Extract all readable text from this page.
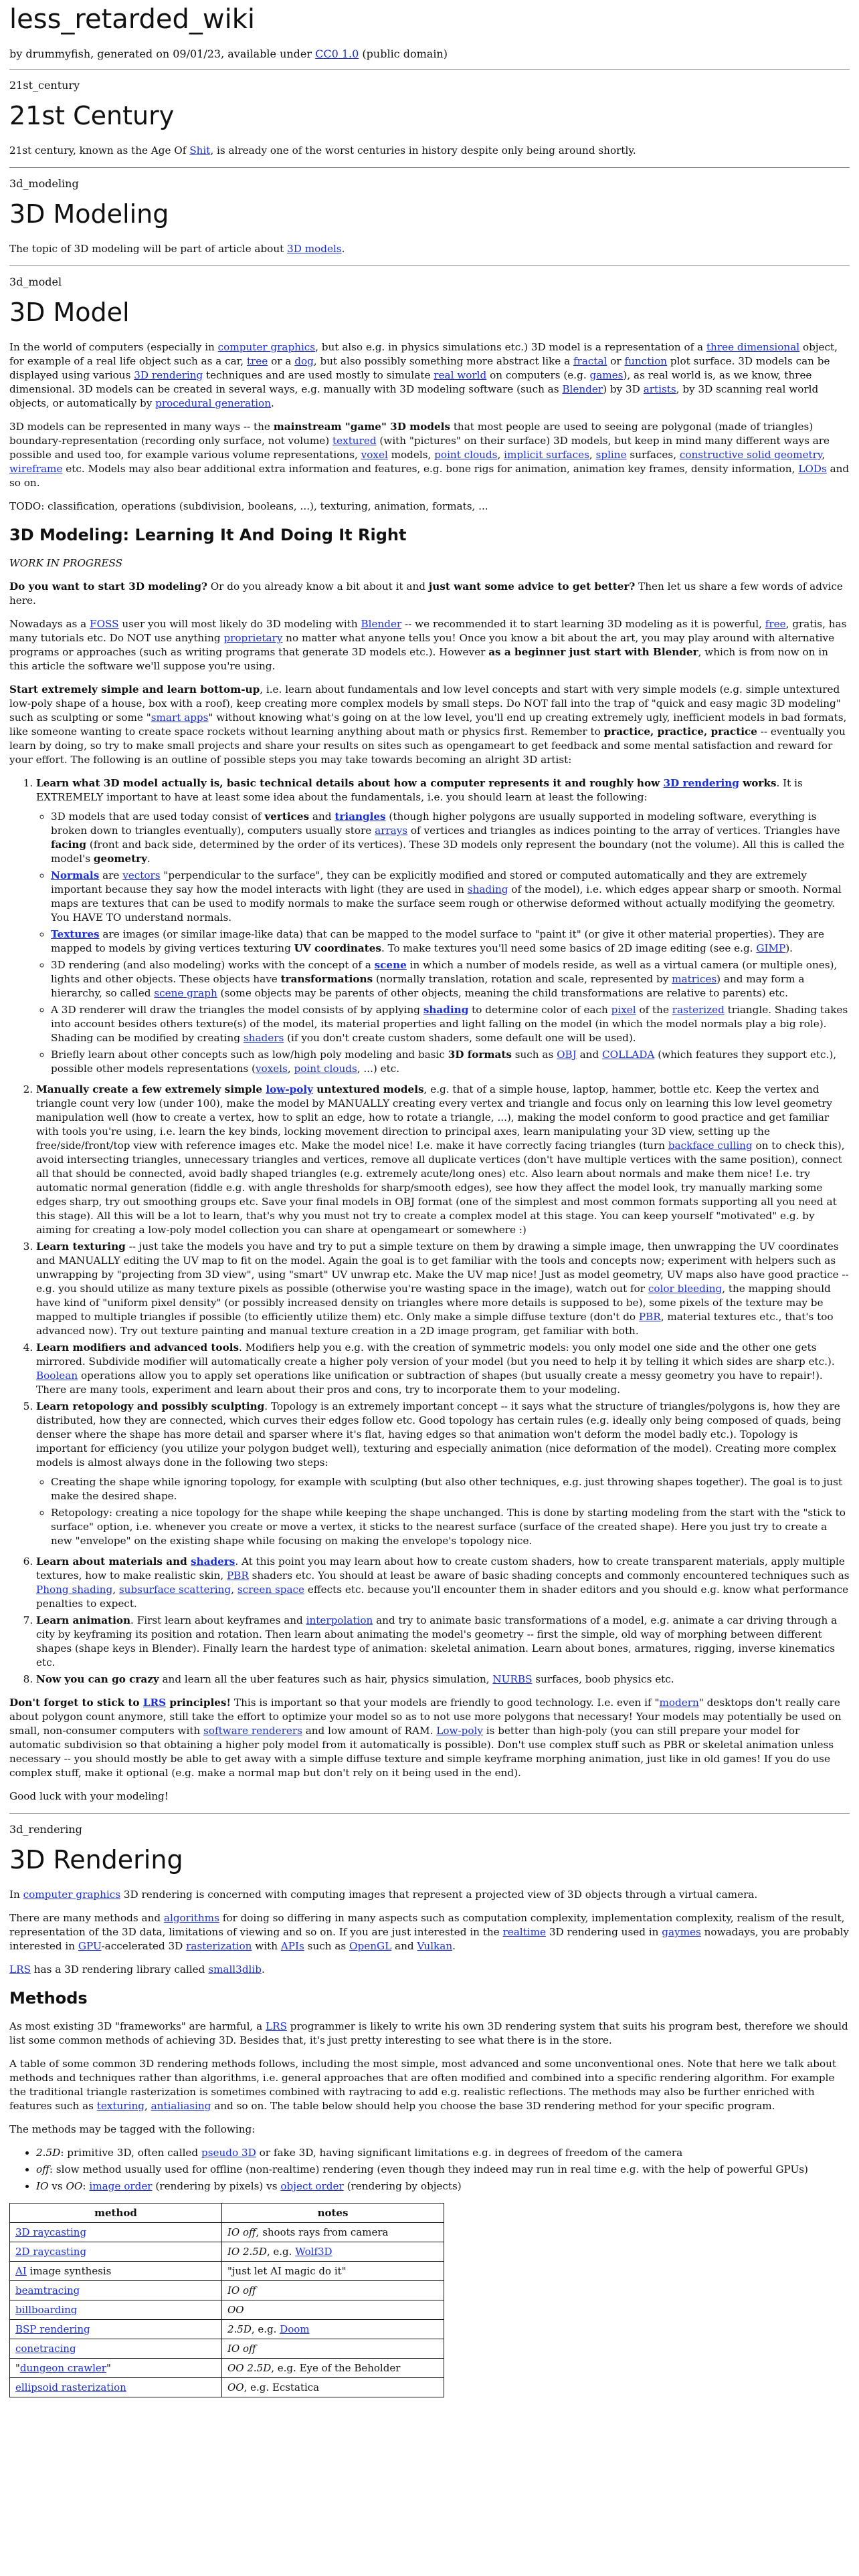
less_retarded_wiki

by drummyfish, generated on 09/01/23, available under CC0 1.0 (public domain)

21st_century
21st Century

21st century, known as the Age Of Shit, is already one of the worst centuries in history despite only being around shortly.

3d_modeling
3D Modeling

The topic of 3D modeling will be part of article about 3D models.

3d_model
3D Model

In the world of computers (especially in computer graphics, but also e.g. in physics simulations etc.) 3D model is a representation of a three dimensional object, for example of a real life object such as a car, tree or a dog, but also possibly something more abstract like a fractal or function plot surface. 3D models can be displayed using various 3D rendering techniques and are used mostly to simulate real world on computers (e.g. games), as real world is, as we know, three dimensional. 3D models can be created in several ways, e.g. manually with 3D modeling software (such as Blender) by 3D artists, by 3D scanning real world objects, or automatically by procedural generation.

3D models can be represented in many ways -- the mainstream "game" 3D models that most people are used to seeing are polygonal (made of triangles) boundary-representation (recording only surface, not volume) textured (with "pictures" on their surface) 3D models, but keep in mind many different ways are possible and used too, for example various volume representations, voxel models, point clouds, implicit surfaces, spline surfaces, constructive solid geometry, wireframe etc. Models may also bear additional extra information and features, e.g. bone rigs for animation, animation key frames, density information, LODs and so on.

TODO: classification, operations (subdivision, booleans, ...), texturing, animation, formats, ...

3D Modeling: Learning It And Doing It Right

WORK IN PROGRESS

Do you want to start 3D modeling? Or do you already know a bit about it and just want some advice to get better? Then let us share a few words of advice here.

Nowadays as a FOSS user you will most likely do 3D modeling with Blender -- we recommended it to start learning 3D modeling as it is powerful, free, gratis, has many tutorials etc. Do NOT use anything proprietary no matter what anyone tells you! Once you know a bit about the art, you may play around with alternative programs or approaches (such as writing programs that generate 3D models etc.). However as a beginner just start with Blender, which is from now on in this article the software we'll suppose you're using.

Start extremely simple and learn bottom-up, i.e. learn about fundamentals and low level concepts and start with very simple models (e.g. simple untextured low-poly shape of a house, box with a roof), keep creating more complex models by small steps. Do NOT fall into the trap of "quick and easy magic 3D modeling" such as sculpting or some "smart apps" without knowing what's going on at the low level, you'll end up creating extremely ugly, inefficient models in bad formats, like someone wanting to create space rockets without learning anything about math or physics first. Remember to practice, practice, practice -- eventually you learn by doing, so try to make small projects and share your results on sites such as opengameart to get feedback and some mental satisfaction and reward for your effort. The following is an outline of possible steps you may take towards becoming an alright 3D artist:

1. Learn what 3D model actually is, basic technical details about how a computer represents it and roughly how 3D rendering works. It is EXTREMELY important to have at least some idea about the fundamentals, i.e. you should learn at least the following:
◦ 3D models that are used today consist of vertices and triangles (though higher polygons are usually supported in modeling software, everything is broken down to triangles eventually), computers usually store arrays of vertices and triangles as indices pointing to the array of vertices. Triangles have facing (front and back side, determined by the order of its vertices). These 3D models only represent the boundary (not the volume). All this is called the model's geometry.
◦ Normals are vectors "perpendicular to the surface", they can be explicitly modified and stored or computed automatically and they are extremely important because they say how the model interacts with light (they are used in shading of the model), i.e. which edges appear sharp or smooth. Normal maps are textures that can be used to modify normals to make the surface seem rough or otherwise deformed without actually modifying the geometry. You HAVE TO understand normals.
◦ Textures are images (or similar image-like data) that can be mapped to the model surface to "paint it" (or give it other material properties). They are mapped to models by giving vertices texturing UV coordinates. To make textures you'll need some basics of 2D image editing (see e.g. GIMP).
◦ 3D rendering (and also modeling) works with the concept of a scene in which a number of models reside, as well as a virtual camera (or multiple ones), lights and other objects. These objects have transformations (normally translation, rotation and scale, represented by matrices) and may form a hierarchy, so called scene graph (some objects may be parents of other objects, meaning the child transformations are relative to parents) etc.
◦ A 3D renderer will draw the triangles the model consists of by applying shading to determine color of each pixel of the rasterized triangle. Shading takes into account besides others texture(s) of the model, its material properties and light falling on the model (in which the model normals play a big role). Shading can be modified by creating shaders (if you don't create custom shaders, some default one will be used).
◦ Briefly learn about other concepts such as low/high poly modeling and basic 3D formats such as OBJ and COLLADA (which features they support etc.), possible other models representations (voxels, point clouds, ...) etc.
2. Manually create a few extremely simple low-poly untextured models, e.g. that of a simple house, laptop, hammer, bottle etc. Keep the vertex and triangle count very low (under 100), make the model by MANUALLY creating every vertex and triangle and focus only on learning this low level geometry manipulation well (how to create a vertex, how to split an edge, how to rotate a triangle, ...), making the model conform to good practice and get familiar with tools you're using, i.e. learn the key binds, locking movement direction to principal axes, learn manipulating your 3D view, setting up the free/side/front/top view with reference images etc. Make the model nice! I.e. make it have correctly facing triangles (turn backface culling on to check this), avoid intersecting triangles, unnecessary triangles and vertices, remove all duplicate vertices (don't have multiple vertices with the same position), connect all that should be connected, avoid badly shaped triangles (e.g. extremely acute/long ones) etc. Also learn about normals and make them nice! I.e. try automatic normal generation (fiddle e.g. with angle thresholds for sharp/smooth edges), see how they affect the model look, try manually marking some edges sharp, try out smoothing groups etc. Save your final models in OBJ format (one of the simplest and most common formats supporting all you need at this stage). All this will be a lot to learn, that's why you must not try to create a complex model at this stage. You can keep yourself "motivated" e.g. by aiming for creating a low-poly model collection you can share at opengameart or somewhere :)
3. Learn texturing -- just take the models you have and try to put a simple texture on them by drawing a simple image, then unwrapping the UV coordinates and MANUALLY editing the UV map to fit on the model. Again the goal is to get familiar with the tools and concepts now; experiment with helpers such as unwrapping by "projecting from 3D view", using "smart" UV unwrap etc. Make the UV map nice! Just as model geometry, UV maps also have good practice -- e.g. you should utilize as many texture pixels as possible (otherwise you're wasting space in the image), watch out for color bleeding, the mapping should have kind of "uniform pixel density" (or possibly increased density on triangles where more details is supposed to be), some pixels of the texture may be mapped to multiple triangles if possible (to efficiently utilize them) etc. Only make a simple diffuse texture (don't do PBR, material textures etc., that's too advanced now). Try out texture painting and manual texture creation in a 2D image program, get familiar with both.
4. Learn modifiers and advanced tools. Modifiers help you e.g. with the creation of symmetric models: you only model one side and the other one gets mirrored. Subdivide modifier will automatically create a higher poly version of your model (but you need to help it by telling it which sides are sharp etc.). Boolean operations allow you to apply set operations like unification or subtraction of shapes (but usually create a messy geometry you have to repair!). There are many tools, experiment and learn about their pros and cons, try to incorporate them to your modeling.
5. Learn retopology and possibly sculpting. Topology is an extremely important concept -- it says what the structure of triangles/polygons is, how they are distributed, how they are connected, which curves their edges follow etc. Good topology has certain rules (e.g. ideally only being composed of quads, being denser where the shape has more detail and sparser where it's flat, having edges so that animation won't deform the model badly etc.). Topology is important for efficiency (you utilize your polygon budget well), texturing and especially animation (nice deformation of the model). Creating more complex models is almost always done in the following two steps:
◦ Creating the shape while ignoring topology, for example with sculpting (but also other techniques, e.g. just throwing shapes together). The goal is to just make the desired shape.
◦ Retopology: creating a nice topology for the shape while keeping the shape unchanged. This is done by starting modeling from the start with the "stick to surface" option, i.e. whenever you create or move a vertex, it sticks to the nearest surface (surface of the created shape). Here you just try to create a new "envelope" on the existing shape while focusing on making the envelope's topology nice.
6. Learn about materials and shaders. At this point you may learn about how to create custom shaders, how to create transparent materials, apply multiple textures, how to make realistic skin, PBR shaders etc. You should at least be aware of basic shading concepts and commonly encountered techniques such as Phong shading, subsurface scattering, screen space effects etc. because you'll encounter them in shader editors and you should e.g. know what performance penalties to expect.
7. Learn animation. First learn about keyframes and interpolation and try to animate basic transformations of a model, e.g. animate a car driving through a city by keyframing its position and rotation. Then learn about animating the model's geometry -- first the simple, old way of morphing between different shapes (shape keys in Blender). Finally learn the hardest type of animation: skeletal animation. Learn about bones, armatures, rigging, inverse kinematics etc.
8. Now you can go crazy and learn all the uber features such as hair, physics simulation, NURBS surfaces, boob physics etc.

Don't forget to stick to LRS principles! This is important so that your models are friendly to good technology. I.e. even if "modern" desktops don't really care about polygon count anymore, still take the effort to optimize your model so as to not use more polygons that necessary! Your models may potentially be used on small, non-consumer computers with software renderers and low amount of RAM. Low-poly is better than high-poly (you can still prepare your model for automatic subdivision so that obtaining a higher poly model from it automatically is possible). Don't use complex stuff such as PBR or skeletal animation unless necessary -- you should mostly be able to get away with a simple diffuse texture and simple keyframe morphing animation, just like in old games! If you do use complex stuff, make it optional (e.g. make a normal map but don't rely on it being used in the end).

Good luck with your modeling!

3d_rendering
3D Rendering

In computer graphics 3D rendering is concerned with computing images that represent a projected view of 3D objects through a virtual camera.

There are many methods and algorithms for doing so differing in many aspects such as computation complexity, implementation complexity, realism of the result, representation of the 3D data, limitations of viewing and so on. If you are just interested in the realtime 3D rendering used in gaymes nowadays, you are probably interested in GPU-accelerated 3D rasterization with APIs such as OpenGL and Vulkan.

LRS has a 3D rendering library called small3dlib.

Methods

As most existing 3D "frameworks" are harmful, a LRS programmer is likely to write his own 3D rendering system that suits his program best, therefore we should list some common methods of achieving 3D. Besides that, it's just pretty interesting to see what there is in the store.

A table of some common 3D rendering methods follows, including the most simple, most advanced and some unconventional ones. Note that here we talk about methods and techniques rather than algorithms, i.e. general approaches that are often modified and combined into a specific rendering algorithm. For example the traditional triangle rasterization is sometimes combined with raytracing to add e.g. realistic reflections. The methods may also be further enriched with features such as texturing, antialiasing and so on. The table below should help you choose the base 3D rendering method for your specific program.

The methods may be tagged with the following:

• 2.5D: primitive 3D, often called pseudo 3D or fake 3D, having significant limitations e.g. in degrees of freedom of the camera
• off: slow method usually used for offline (non-realtime) rendering (even though they indeed may run in real time e.g. with the help of powerful GPUs)
• IO vs OO: image order (rendering by pixels) vs object order (rendering by objects)
method	notes
3D raycasting	IO off, shoots rays from camera
2D raycasting	IO 2.5D, e.g. Wolf3D
AI image synthesis	"just let AI magic do it"
beamtracing	IO off
billboarding	OO
BSP rendering	2.5D, e.g. Doom
conetracing	IO off
"dungeon crawler"	OO 2.5D, e.g. Eye of the Beholder
ellipsoid rasterization	OO, e.g. Ecstatica
